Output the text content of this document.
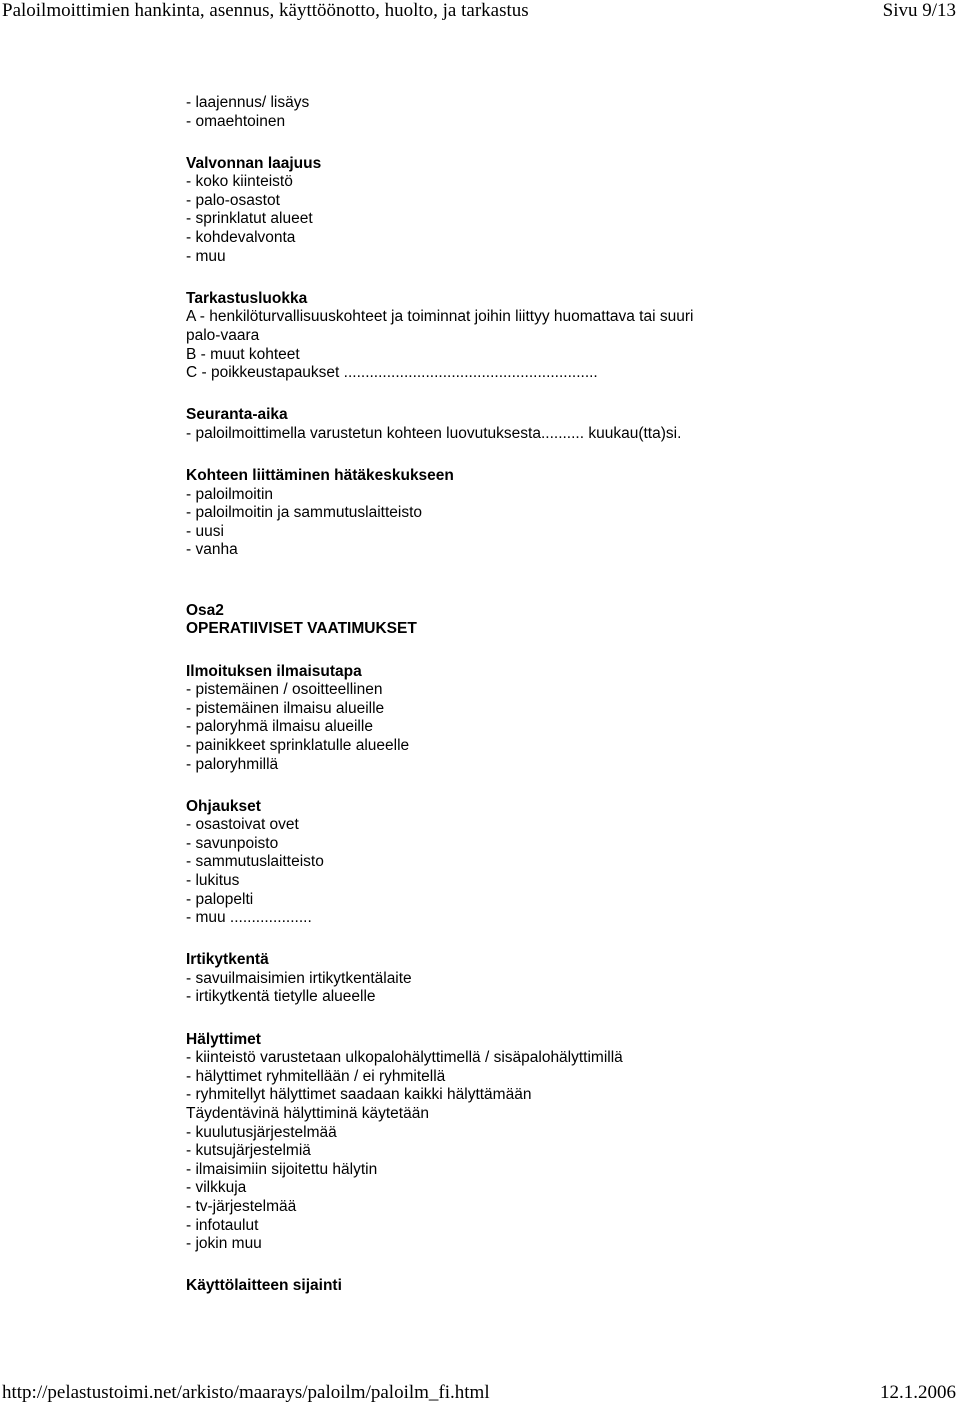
Paloilmoittimien hankinta, asennus, käyttöönotto, huolto, ja tarkastus	Sivu 9/13
- laajennus/ lisäys
- omaehtoinen
Valvonnan laajuus
- koko kiinteistö
- palo-osastot
- sprinklatut alueet
- kohdevalvonta
- muu
Tarkastusluokka
A - henkilöturvallisuuskohteet ja toiminnat joihin liittyy huomattava tai suuri
palo-vaara
B - muut kohteet
C - poikkeustapaukset ...........................................................
Seuranta-aika
- paloilmoittimella varustetun kohteen luovutuksesta.......... kuukau(tta)si.
Kohteen liittäminen hätäkeskukseen
- paloilmoitin
- paloilmoitin ja sammutuslaitteisto
- uusi
- vanha
Osa2
OPERATIIVISET VAATIMUKSET
Ilmoituksen ilmaisutapa
- pistemäinen / osoitteellinen
- pistemäinen ilmaisu alueille
- paloryhmä ilmaisu alueille
- painikkeet sprinklatulle alueelle
- paloryhmillä
Ohjaukset
- osastoivat ovet
- savunpoisto
- sammutuslaitteisto
- lukitus
- palopelti
- muu ...................
Irtikytkentä
- savuilmaisimien irtikytkentälaite
- irtikytkentä tietylle alueelle
Hälyttimet
- kiinteistö varustetaan ulkopalohälyttimellä / sisäpalohälyttimillä
- hälyttimet ryhmitellään / ei ryhmitellä
- ryhmitellyt hälyttimet saadaan kaikki hälyttämään
Täydentävinä hälyttiminä käytetään
- kuulutusjärjestelmää
- kutsujärjestelmiä
- ilmaisimiin sijoitettu hälytin
- vilkkuja
- tv-järjestelmää
- infotaulut
- jokin muu
Käyttölaitteen sijainti
http://pelastustoimi.net/arkisto/maarays/paloilm/paloilm_fi.html	12.1.2006
